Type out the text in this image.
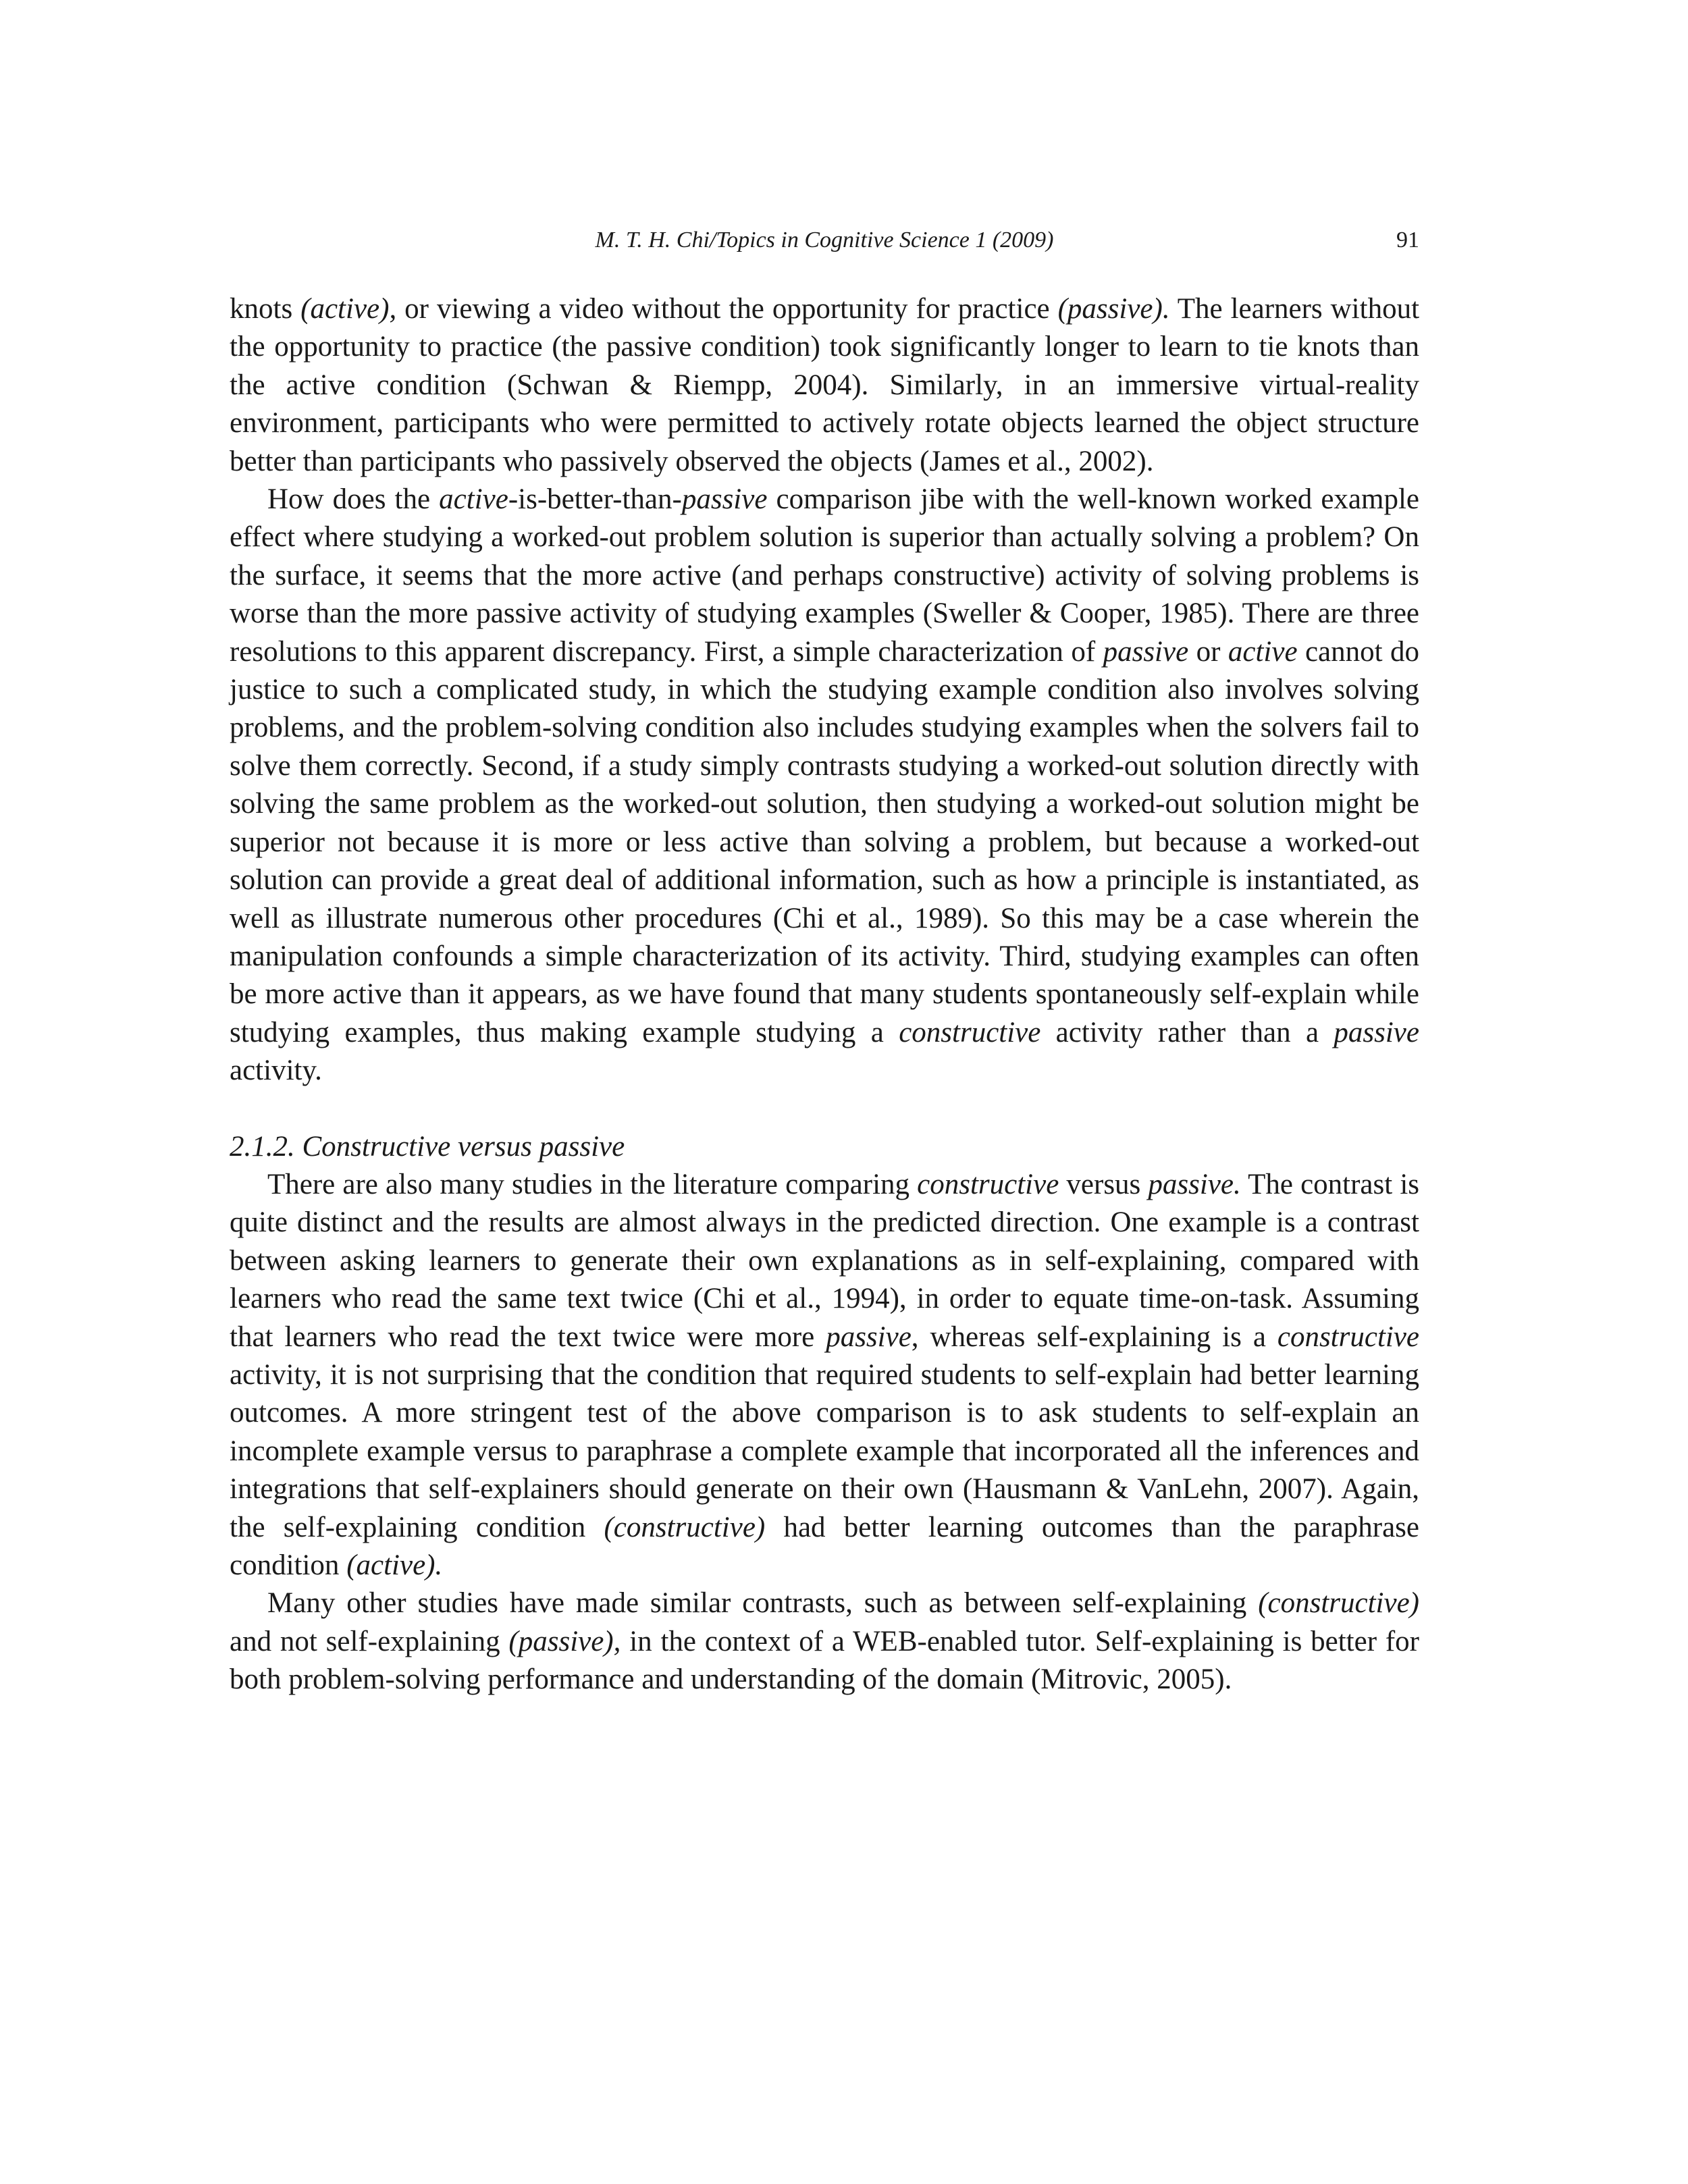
M. T. H. Chi/Topics in Cognitive Science 1 (2009)	91

knots (active), or viewing a video without the opportunity for practice (passive). The learners without the opportunity to practice (the passive condition) took significantly longer to learn to tie knots than the active condition (Schwan & Riempp, 2004). Similarly, in an immersive virtual-reality environment, participants who were permitted to actively rotate objects learned the object structure better than participants who passively observed the objects (James et al., 2002).

How does the active-is-better-than-passive comparison jibe with the well-known worked example effect where studying a worked-out problem solution is superior than actually solving a problem? On the surface, it seems that the more active (and perhaps constructive) activity of solving problems is worse than the more passive activity of studying examples (Sweller & Cooper, 1985). There are three resolutions to this apparent discrepancy. First, a simple characterization of passive or active cannot do justice to such a complicated study, in which the studying example condition also involves solving problems, and the problem-solving condition also includes studying examples when the solvers fail to solve them correctly. Second, if a study simply contrasts studying a worked-out solution directly with solving the same problem as the worked-out solution, then studying a worked-out solution might be superior not because it is more or less active than solving a problem, but because a worked-out solution can provide a great deal of additional information, such as how a principle is instantiated, as well as illustrate numerous other procedures (Chi et al., 1989). So this may be a case wherein the manipulation confounds a simple characterization of its activity. Third, studying examples can often be more active than it appears, as we have found that many students spontaneously self-explain while studying examples, thus making example studying a constructive activity rather than a passive activity.

2.1.2. Constructive versus passive

There are also many studies in the literature comparing constructive versus passive. The contrast is quite distinct and the results are almost always in the predicted direction. One example is a contrast between asking learners to generate their own explanations as in self-explaining, compared with learners who read the same text twice (Chi et al., 1994), in order to equate time-on-task. Assuming that learners who read the text twice were more passive, whereas self-explaining is a constructive activity, it is not surprising that the condition that required students to self-explain had better learning outcomes. A more stringent test of the above comparison is to ask students to self-explain an incomplete example versus to paraphrase a complete example that incorporated all the inferences and integrations that self-explainers should generate on their own (Hausmann & VanLehn, 2007). Again, the self-explaining condition (constructive) had better learning outcomes than the paraphrase condition (active).

Many other studies have made similar contrasts, such as between self-explaining (constructive) and not self-explaining (passive), in the context of a WEB-enabled tutor. Self-explaining is better for both problem-solving performance and understanding of the domain (Mitrovic, 2005).
